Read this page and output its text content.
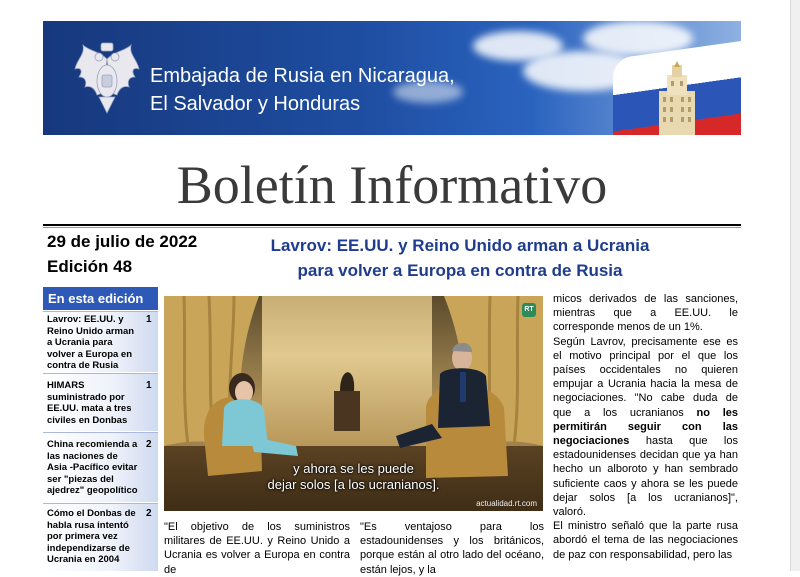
Embajada de Rusia en Nicaragua,
El Salvador y Honduras
Boletín Informativo
29 de julio de 2022
Edición 48
Lavrov: EE.UU. y Reino Unido arman a Ucrania
para volver a Europa en contra de Rusia
En esta edición
Lavrov: EE.UU. y Reino Unido arman a Ucrania para volver a Europa en contra de Rusia
1
HIMARS suministrado por EE.UU. mata a tres civiles en Donbas
1
China recomienda a las naciones de Asia -Pacífico evitar ser "piezas del ajedrez" geopolítico
2
Cómo el Donbas de habla rusa intentó por primera vez independizarse de Ucrania en 2004
2
y ahora se les puede
dejar solos [a los ucranianos].
actualidad.rt.com
RT

micos derivados de las sanciones, mientras que a EE.UU. le corresponde menos de un 1%.

Según Lavrov, precisamente ese es el motivo principal por el que los países occidentales no quieren empujar a Ucrania hacia la mesa de negociaciones. "No cabe duda de que a los ucranianos no les permitirán seguir con las negociaciones hasta que los estadounidenses decidan que ya han hecho un alboroto y han sembrado suficiente caos y ahora se les puede dejar solos [a los ucranianos]", valoró.

El ministro señaló que la parte rusa abordó el tema de las negociaciones de paz con responsabilidad, pero las

"El objetivo de los suministros militares de EE.UU. y Reino Unido a Ucrania es volver a Europa en contra de

"Es ventajoso para los estadounidenses y los británicos, porque están al otro lado del océano, están lejos, y la
